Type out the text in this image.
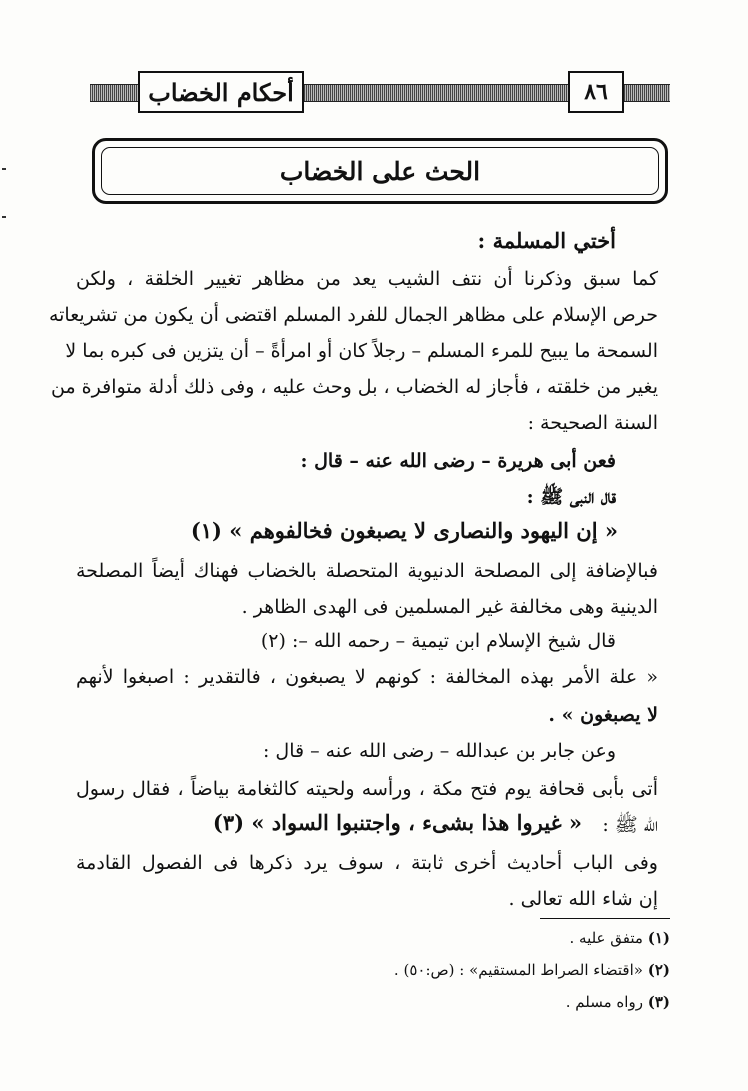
أحكام الخضاب	٨٦
الحث على الخضاب
أختي المسلمة :
كما سبق وذكرنا أن نتف الشيب يعد من مظاهر تغيير الخلقة ، ولكن
حرص الإسلام على مظاهر الجمال للفرد المسلم اقتضى أن يكون من تشريعاته
السمحة ما يبيح للمرء المسلم – رجلاً كان أو امرأةً – أن يتزين فى كبره بما لا
يغير من خلقته ، فأجاز له الخضاب ، بل وحث عليه ، وفى ذلك أدلة متوافرة من
السنة الصحيحة :
فعن أبى هريرة – رضى الله عنه – قال :
قال النبى ﷺ :
« إن اليهود والنصارى لا يصبغون فخالفوهم » (١)
فبالإضافة إلى المصلحة الدنيوية المتحصلة بالخضاب فهناك أيضاً المصلحة
الدينية وهى مخالفة غير المسلمين فى الهدى الظاهر .
قال شيخ الإسلام ابن تيمية – رحمه الله –: (٢)
« علة الأمر بهذه المخالفة : كونهم لا يصبغون ، فالتقدير : اصبغوا لأنهم
لا يصبغون » .
وعن جابر بن عبدالله – رضى الله عنه – قال :
أتى بأبى قحافة يوم فتح مكة ، ورأسه ولحيته كالثغامة بياضاً ، فقال رسول
الله ﷺ :
« غيروا هذا بشىء ، واجتنبوا السواد » (٣)
وفى الباب أحاديث أخرى ثابتة ، سوف يرد ذكرها فى الفصول القادمة
إن شاء الله تعالى .
(١) متفق عليه .
(٢) «اقتضاء الصراط المستقيم» : (ص:٥٠) .
(٣) رواه مسلم .
